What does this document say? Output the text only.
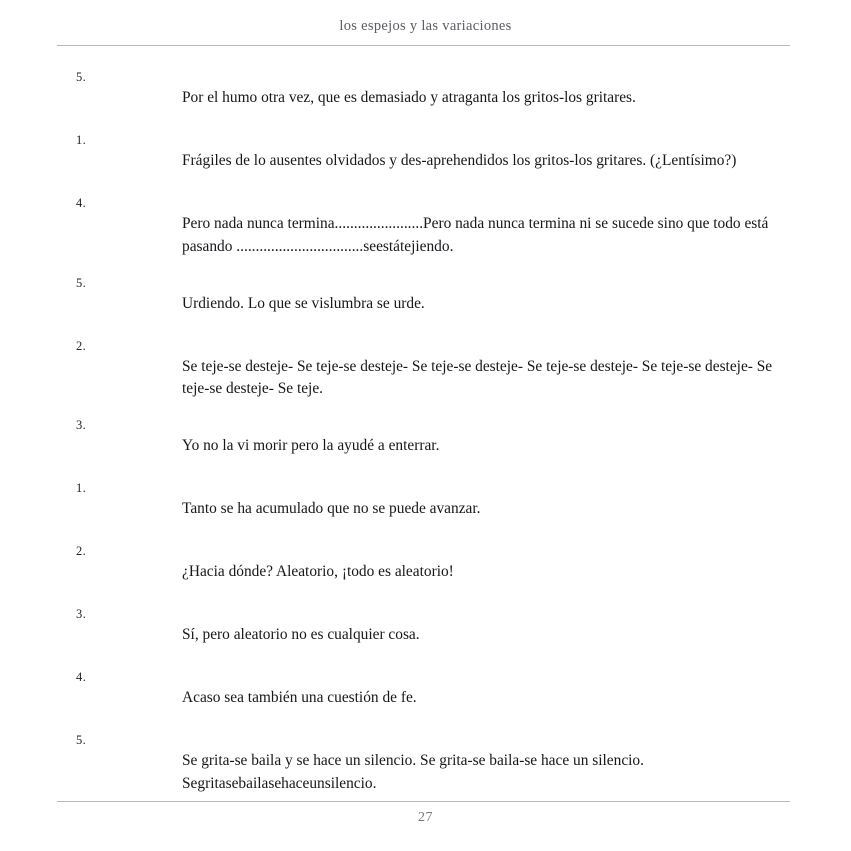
los espejos y las variaciones
5.
Por el humo otra vez, que es demasiado y atraganta los gritos-los gritares.
1.
Frágiles de lo ausentes olvidados y des-aprehendidos los gritos-los gritares. (¿Lentísimo?)
4.
Pero nada nunca termina.......................Pero nada nunca termina ni se sucede sino que todo está pasando .................................seestátejiendo.
5.
Urdiendo. Lo que se vislumbra se urde.
2.
Se teje-se desteje- Se teje-se desteje- Se teje-se desteje- Se teje-se desteje- Se teje-se desteje- Se teje-se desteje- Se teje.
3.
Yo no la vi morir pero la ayudé a enterrar.
1.
Tanto se ha acumulado que no se puede avanzar.
2.
¿Hacia dónde? Aleatorio, ¡todo es aleatorio!
3.
Sí, pero aleatorio no es cualquier cosa.
4.
Acaso sea también una cuestión de fe.
5.
Se grita-se baila y se hace un silencio. Se grita-se baila-se hace un silencio. Segritasebailasehaceunsilencio.
27
